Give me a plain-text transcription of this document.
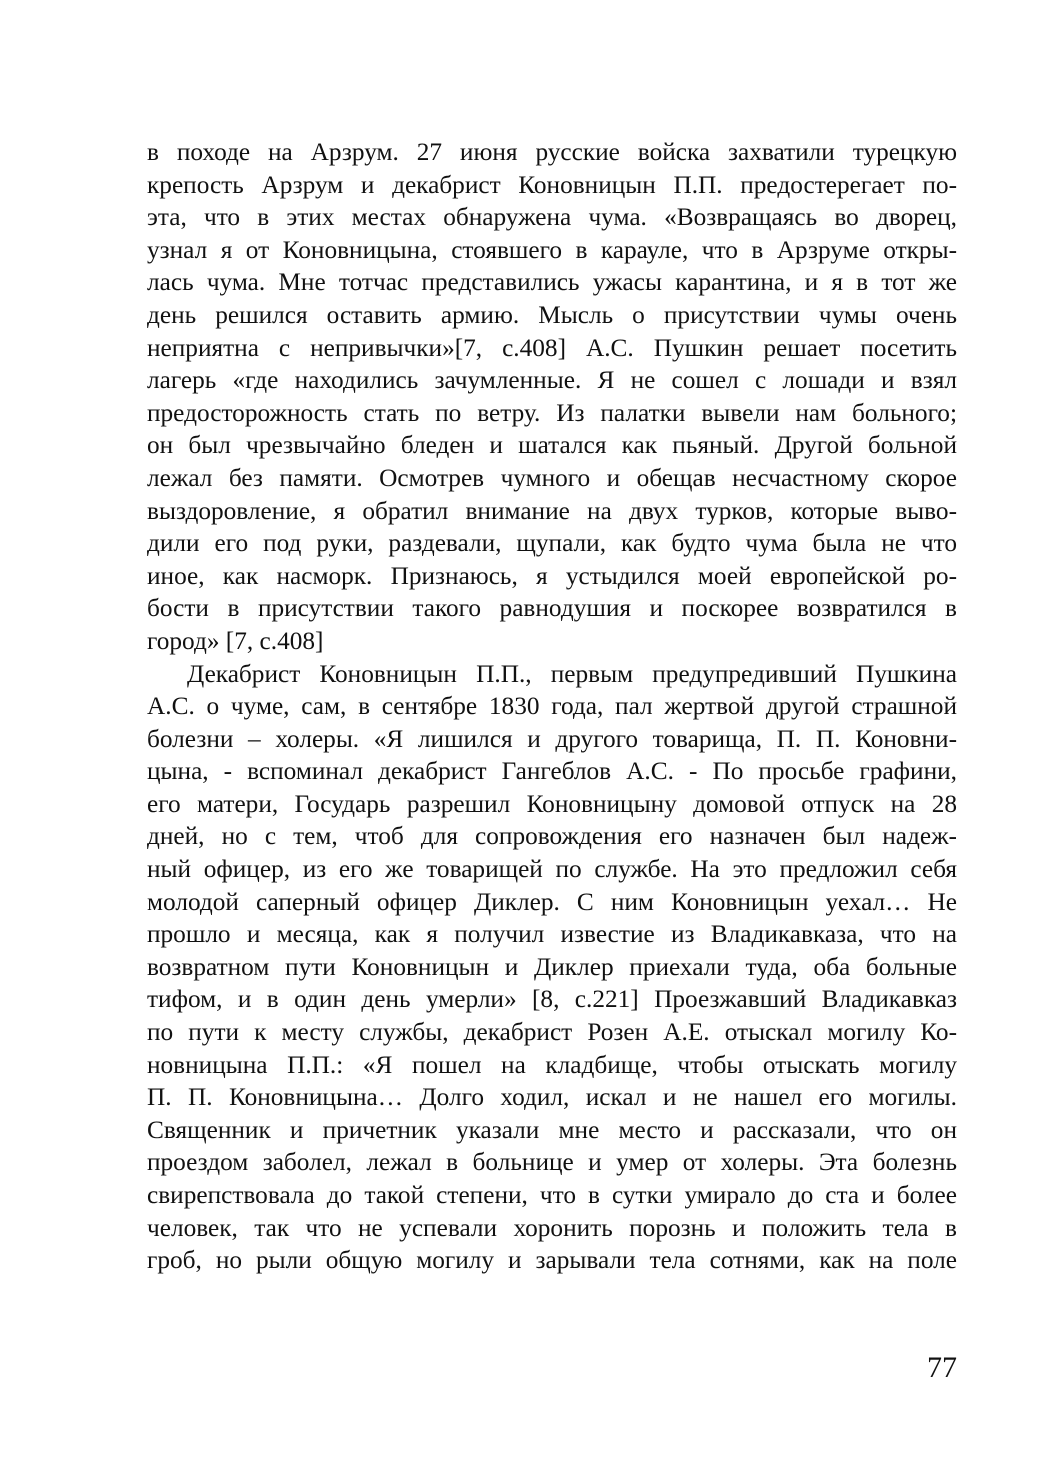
в походе на Арзрум. 27 июня русские войска захватили турецкую
крепость Арзрум и декабрист Коновницын П.П. предостерегает по-
эта, что в этих местах обнаружена чума. «Возвращаясь во дворец,
узнал я от Коновницына, стоявшего в карауле, что в Арзруме откры-
лась чума. Мне тотчас представились ужасы карантина, и я в тот же
день решился оставить армию. Мысль о присутствии чумы очень
неприятна с непривычки»[7, с.408] А.С. Пушкин решает посетить
лагерь «где находились зачумленные. Я не сошел с лошади и взял
предосторожность стать по ветру. Из палатки вывели нам больного;
он был чрезвычайно бледен и шатался как пьяный. Другой больной
лежал без памяти. Осмотрев чумного и обещав несчастному скорое
выздоровление, я обратил внимание на двух турков, которые выво-
дили его под руки, раздевали, щупали, как будто чума была не что
иное, как насморк. Признаюсь, я устыдился моей европейской ро-
бости в присутствии такого равнодушия и поскорее возвратился в
город» [7, с.408]
Декабрист Коновницын П.П., первым предупредивший Пушкина
А.С. о чуме, сам, в сентябре 1830 года, пал жертвой другой страшной
болезни – холеры. «Я лишился и другого товарища, П. П. Коновни-
цына, - вспоминал декабрист Гангеблов А.С. - По просьбе графини,
его матери, Государь разрешил Коновницыну домовой отпуск на 28
дней, но с тем, чтоб для сопровождения его назначен был надеж-
ный офицер, из его же товарищей по службе. На это предложил себя
молодой саперный офицер Диклер. С ним Коновницын уехал… Не
прошло и месяца, как я получил известие из Владикавказа, что на
возвратном пути Коновницын и Диклер приехали туда, оба больные
тифом, и в один день умерли» [8, с.221] Проезжавший Владикавказ
по пути к месту службы, декабрист Розен А.Е. отыскал могилу Ко-
новницына П.П.: «Я пошел на кладбище, чтобы отыскать могилу
П. П. Коновницына… Долго ходил, искал и не нашел его могилы.
Священник и причетник указали мне место и рассказали, что он
проездом заболел, лежал в больнице и умер от холеры. Эта болезнь
свирепствовала до такой степени, что в сутки умирало до ста и более
человек, так что не успевали хоронить порознь и положить тела в
гроб, но рыли общую могилу и зарывали тела сотнями, как на поле
77
